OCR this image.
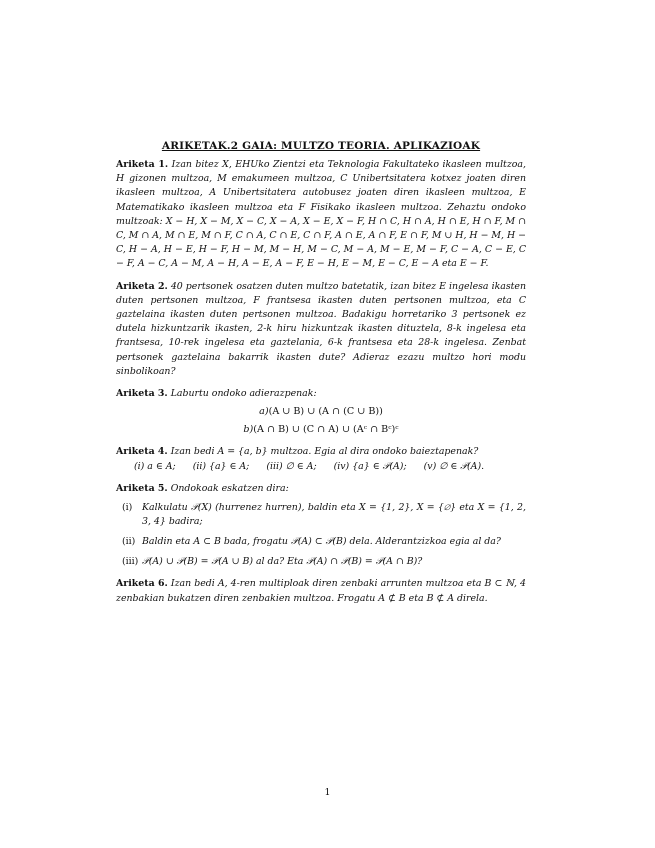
ARIKETAK.2 GAIA: MULTZO TEORIA. APLIKAZIOAK
Ariketa 1. Izan bitez X, EHUko Zientzi eta Teknologia Fakultateko ikasleen multzoa, H gizonen multzoa, M emakumeen multzoa, C Unibertsitatera kotxez joaten diren ikasleen multzoa, A Unibertsitatera autobusez joaten diren ikasleen multzoa, E Matematikako ikasleen multzoa eta F Fisikako ikasleen multzoa. Zehaztu ondoko multzoak: X − H, X − M, X − C, X − A, X − E, X − F, H ∩ C, H ∩ A, H ∩ E, H ∩ F, M ∩ C, M ∩ A, M ∩ E, M ∩ F, C ∩ A, C ∩ E, C ∩ F, A ∩ E, A ∩ F, E ∩ F, M ∪ H, H − M, H − C, H − A, H − E, H − F, H − M, M − H, M − C, M − A, M − E, M − F, C − A, C − E, C − F, A − C, A − M, A − H, A − E, A − F, E − H, E − M, E − C, E − A eta E − F.
Ariketa 2. 40 pertsonek osatzen duten multzo batetatik, izan bitez E ingelesa ikasten duten pertsonen multzoa, F frantsesa ikasten duten pertsonen multzoa, eta C gaztelaina ikasten duten pertsonen multzoa. Badakigu horretariko 3 pertsonek ez dutela hizkuntzarik ikasten, 2-k hiru hizkuntzak ikasten dituztela, 8-k ingelesa eta frantsesa, 10-rek ingelesa eta gaztelania, 6-k frantsesa eta 28-k ingelesa. Zenbat pertsonek gaztelaina bakarrik ikasten dute? Adieraz ezazu multzo hori modu sinbolikoan?
Ariketa 3. Laburtu ondoko adierazpenak:
a)(A ∪ B) ∪ (A ∩ (C ∪ B))
b)(A ∩ B) ∪ (C ∩ A) ∪ (Aᶜ ∩ Bᶜ)ᶜ
Ariketa 4. Izan bedi A = {a, b} multzoa. Egia al dira ondoko baieztapenak?
(i) a ∈ A; (ii) {a} ∈ A; (iii) ∅ ∈ A; (iv) {a} ∈ 𝒫(A); (v) ∅ ∈ 𝒫(A).
Ariketa 5. Ondokoak eskatzen dira:
(i) Kalkulatu 𝒫(X) (hurrenez hurren), baldin eta X = {1, 2}, X = {∅} eta X = {1, 2, 3, 4} badira;
(ii) Baldin eta A ⊂ B bada, frogatu 𝒫(A) ⊂ 𝒫(B) dela. Alderantzizkoa egia al da?
(iii) 𝒫(A) ∪ 𝒫(B) = 𝒫(A ∪ B) al da? Eta 𝒫(A) ∩ 𝒫(B) = 𝒫(A ∩ B)?
Ariketa 6. Izan bedi A, 4-ren multiploak diren zenbaki arrunten multzoa eta B ⊂ ℕ, 4 zenbakian bukatzen diren zenbakien multzoa. Frogatu A ⊄ B eta B ⊄ A direla.
1
